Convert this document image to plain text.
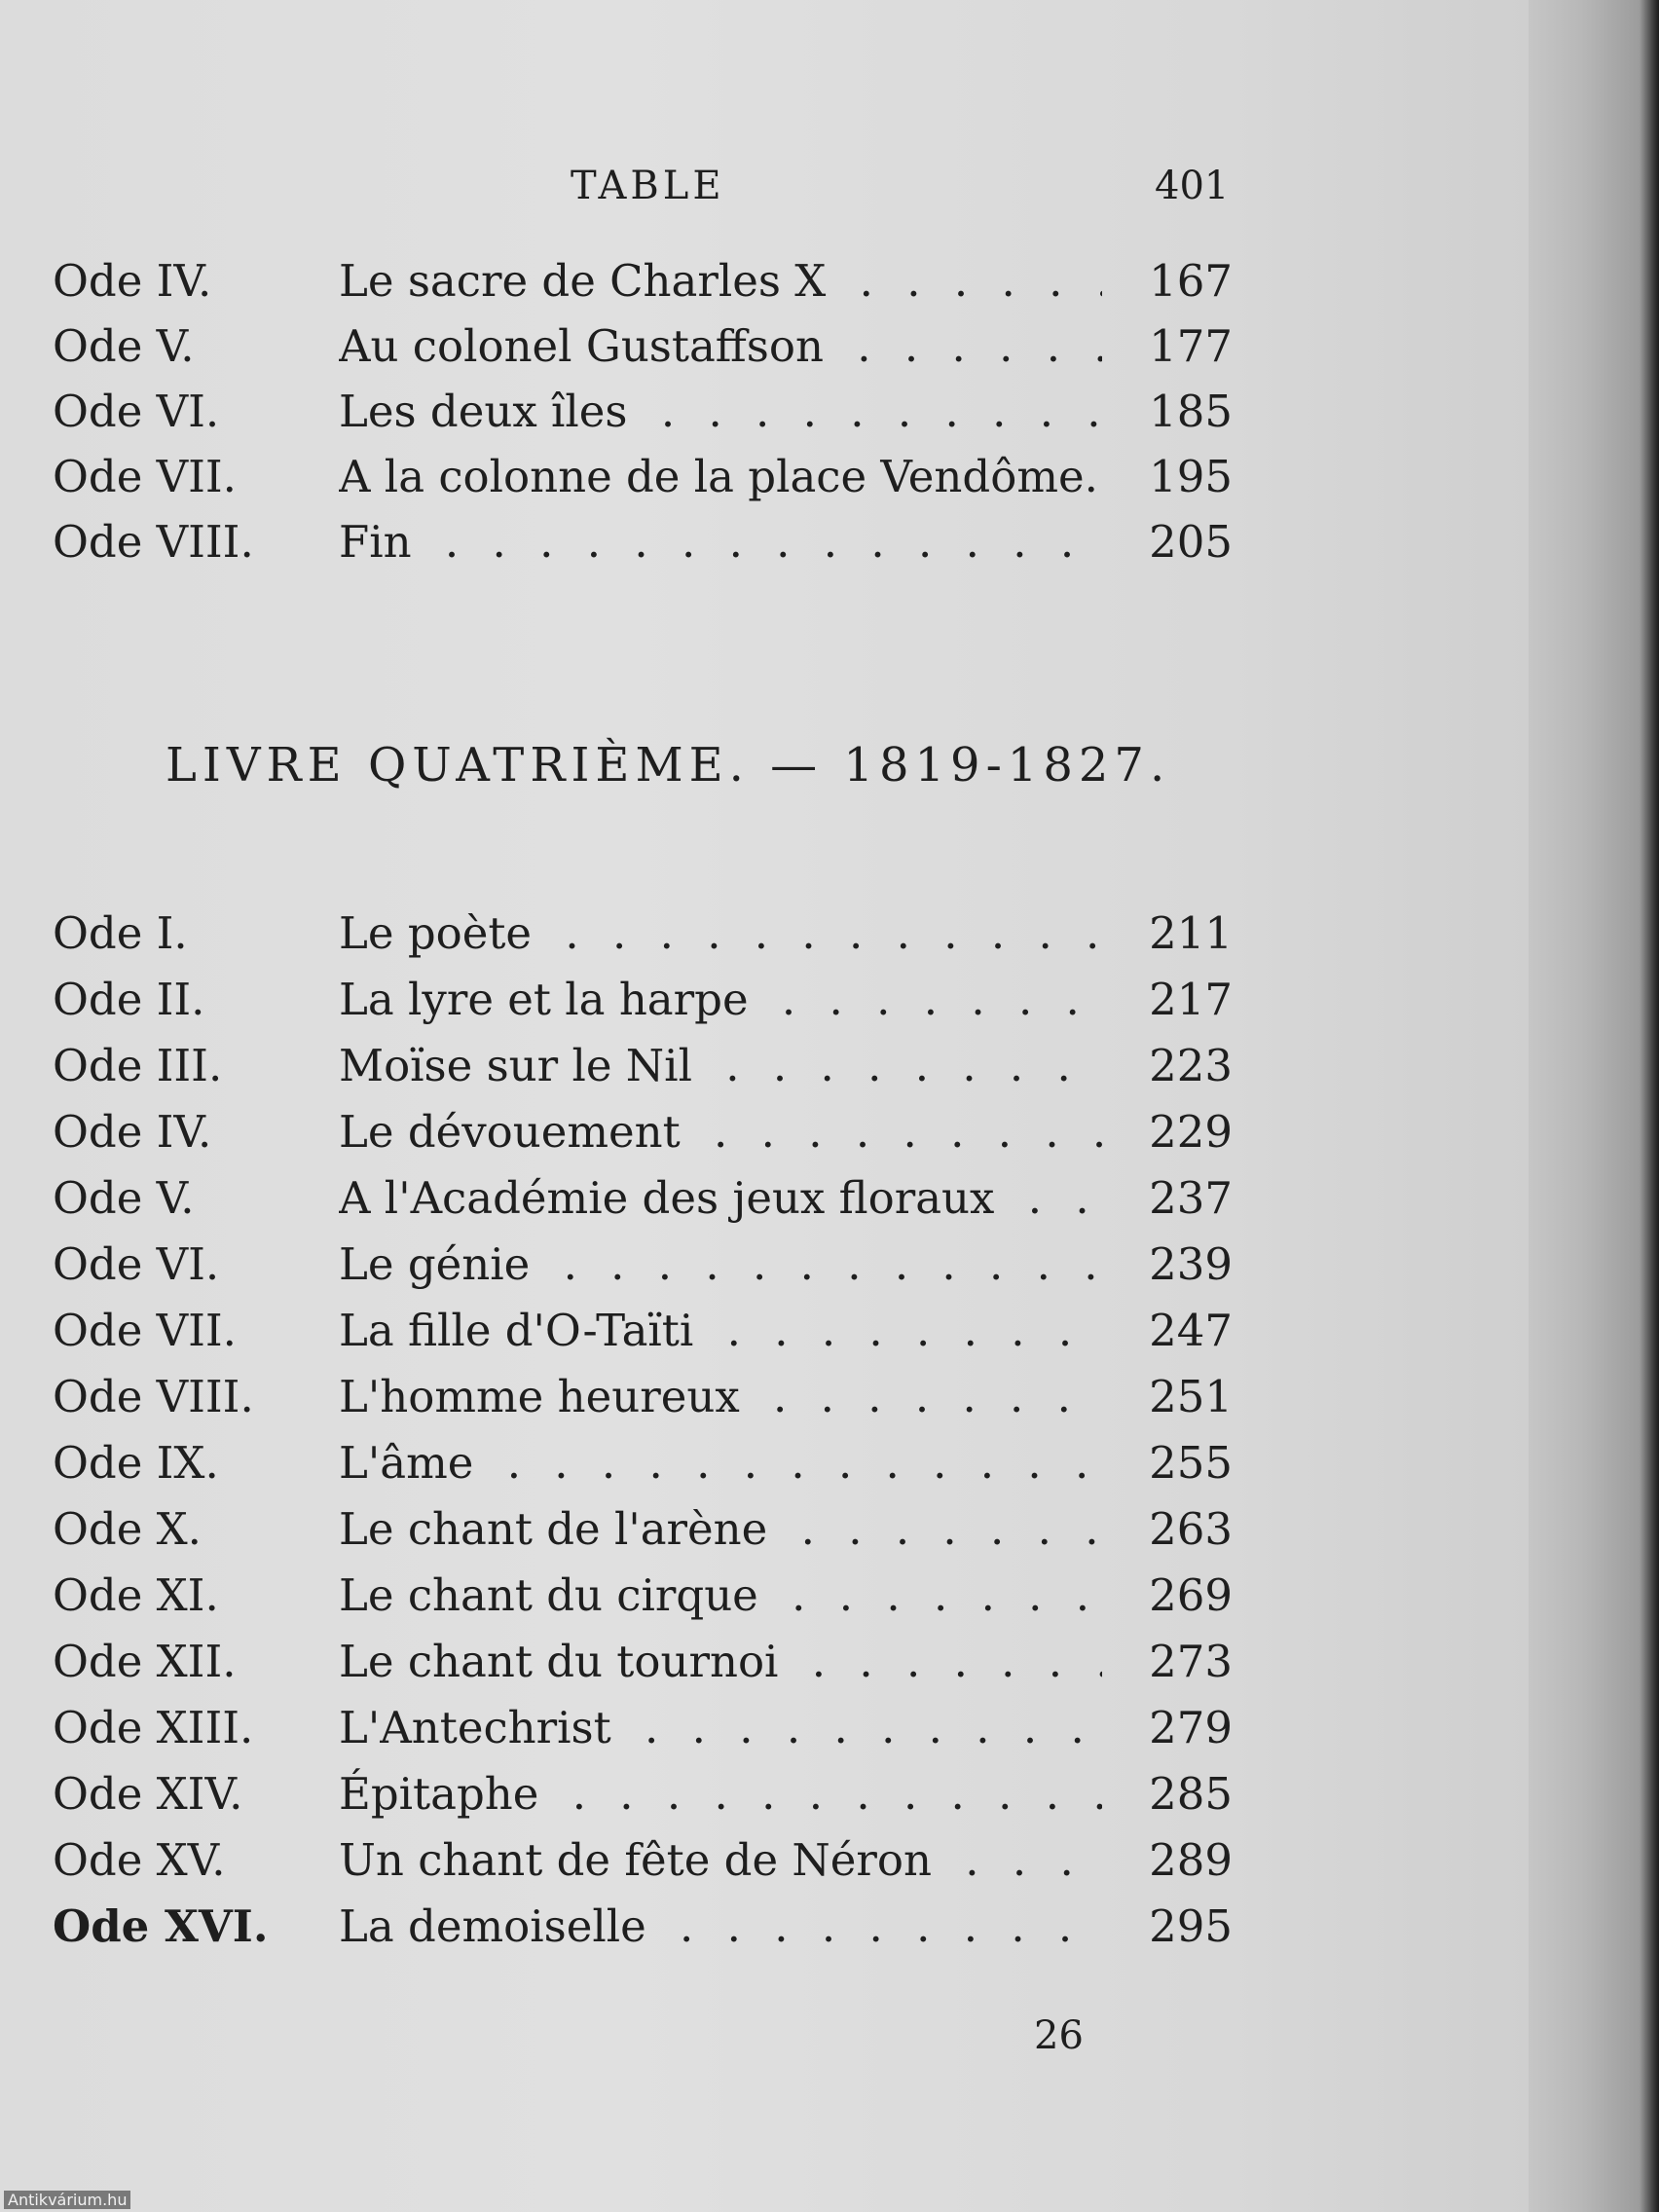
TABLE	401
Ode IV.	Le sacre de Charles X . . .	167
Ode V.	Au colonel Gustaffson . . .	177
Ode VI.	Les deux îles . . .	185
Ode VII. A la colonne de la place Vendôme. . . .	195
Ode VIII. Fin . . .	205
LIVRE QUATRIÈME. — 1819-1827.
Ode I.	Le poète . . .	211
Ode II.	La lyre et la harpe . . .	217
Ode III.	Moïse sur le Nil . . .	223
Ode IV.	Le dévouement . . .	229
Ode V.	A l'Académie des jeux floraux . . .	237
Ode VI.	Le génie . . .	239
Ode VII. La fille d'O-Taïti . . .	247
Ode VIII. L'homme heureux . . .	251
Ode IX.	L'âme . . .	255
Ode X.	Le chant de l'arène . . .	263
Ode XI.	Le chant du cirque . . .	269
Ode XII. Le chant du tournoi . . .	273
Ode XIII. L'Antechrist . . .	279
Ode XIV. Épitaphe . . .	285
Ode XV.	Un chant de fête de Néron . . .	289
Ode XVI. La demoiselle . . .	295
26
Antikvárium.hu
